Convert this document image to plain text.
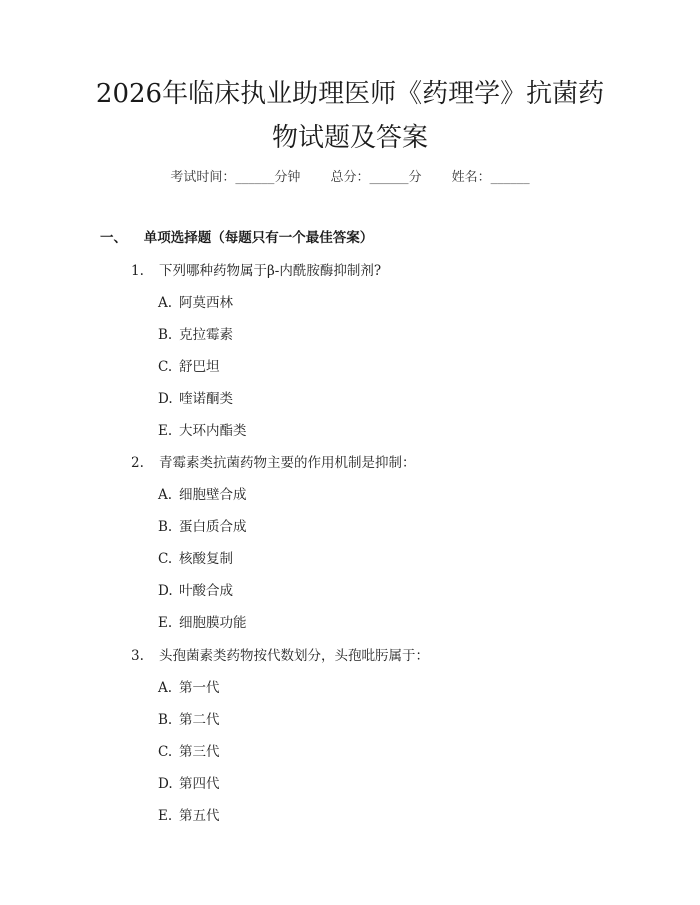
2026年临床执业助理医师《药理学》抗菌药
物试题及答案
考试时间：______分钟 总分：______分 姓名：______
一、 单项选择题（每题只有一个最佳答案）
1. 下列哪种药物属于β-内酰胺酶抑制剂?
A. 阿莫西林
B. 克拉霉素
C. 舒巴坦
D. 喹诺酮类
E. 大环内酯类
2. 青霉素类抗菌药物主要的作用机制是抑制：
A. 细胞壁合成
B. 蛋白质合成
C. 核酸复制
D. 叶酸合成
E. 细胞膜功能
3. 头孢菌素类药物按代数划分，头孢吡肟属于：
A. 第一代
B. 第二代
C. 第三代
D. 第四代
E. 第五代
